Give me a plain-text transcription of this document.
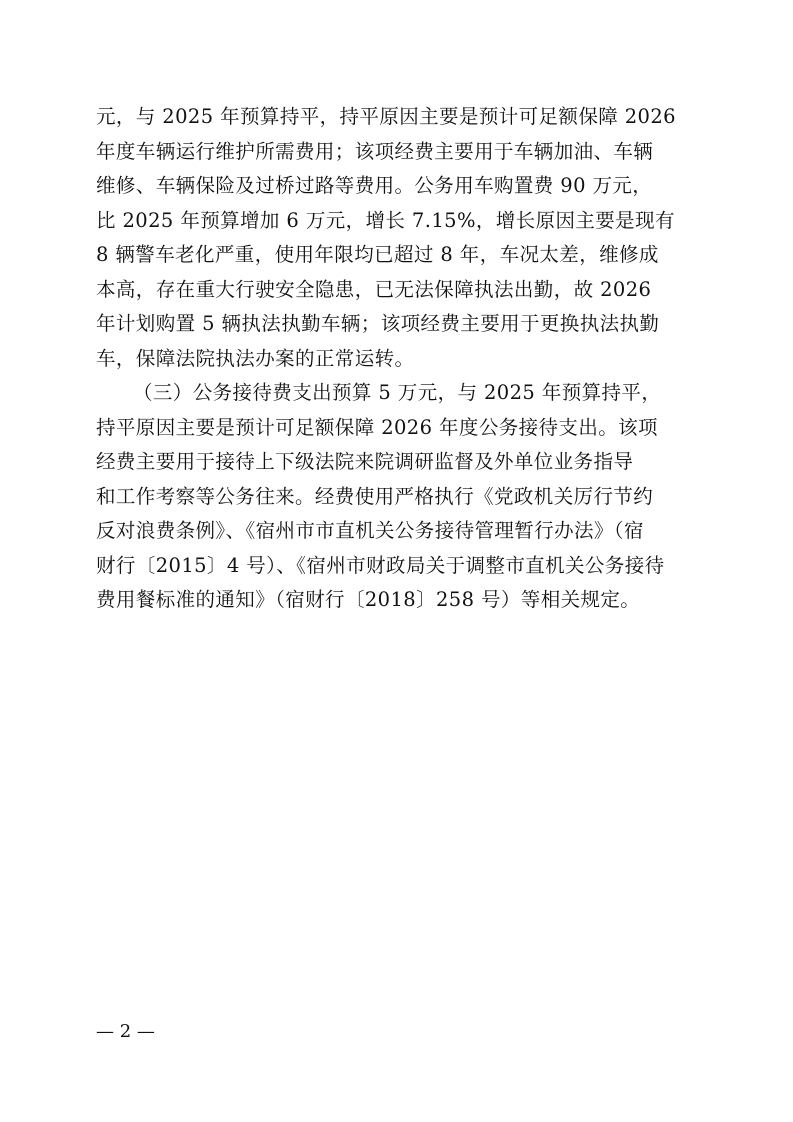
元，与 2025 年预算持平，持平原因主要是预计可足额保障 2026
年度车辆运行维护所需费用；该项经费主要用于车辆加油、车辆
维修、车辆保险及过桥过路等费用。公务用车购置费 90 万元，
比 2025 年预算增加 6 万元，增长 7.15%，增长原因主要是现有
8 辆警车老化严重，使用年限均已超过 8 年，车况太差，维修成
本高，存在重大行驶安全隐患，已无法保障执法出勤，故 2026
年计划购置 5 辆执法执勤车辆；该项经费主要用于更换执法执勤
车，保障法院执法办案的正常运转。
（三）公务接待费支出预算 5 万元，与 2025 年预算持平，
持平原因主要是预计可足额保障 2026 年度公务接待支出。该项
经费主要用于接待上下级法院来院调研监督及外单位业务指导
和工作考察等公务往来。经费使用严格执行《党政机关厉行节约
反对浪费条例》、《宿州市市直机关公务接待管理暂行办法》（宿
财行〔2015〕4 号）、《宿州市财政局关于调整市直机关公务接待
费用餐标准的通知》（宿财行〔2018〕258 号）等相关规定。
— 2 —
